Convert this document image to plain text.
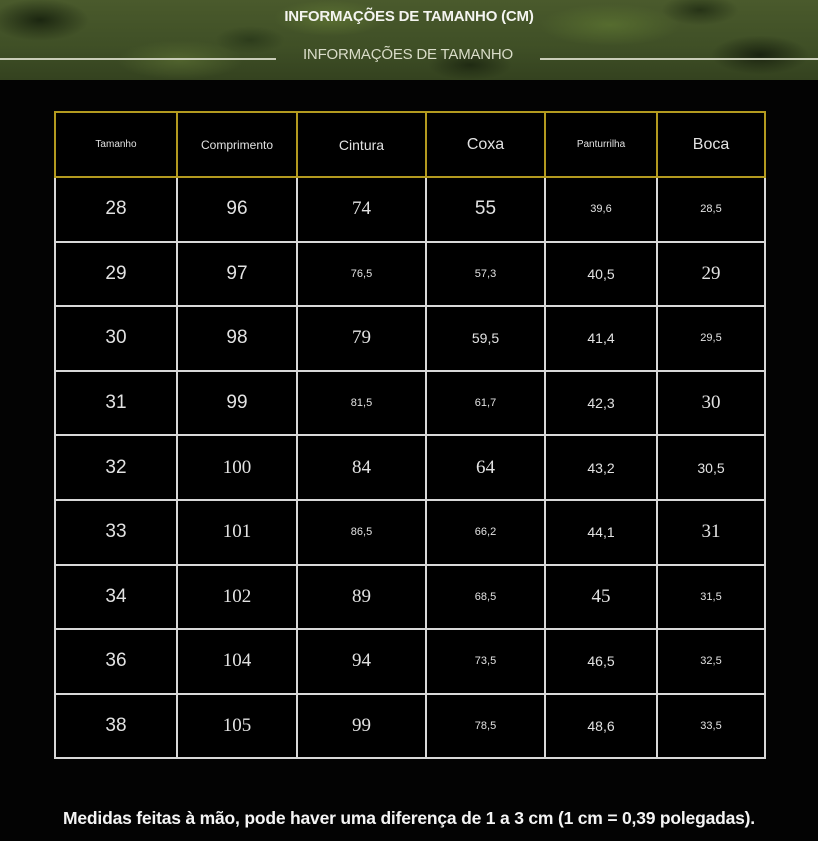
INFORMAÇÕES DE TAMANHO (CM)
INFORMAÇÕES DE TAMANHO
Tamanho	Comprimento	Cintura	Coxa	Panturrilha	Boca
28	96	74	55	39,6	28,5
29	97	76,5	57,3	40,5	29
30	98	79	59,5	41,4	29,5
31	99	81,5	61,7	42,3	30
32	100	84	64	43,2	30,5
33	101	86,5	66,2	44,1	31
34	102	89	68,5	45	31,5
36	104	94	73,5	46,5	32,5
38	105	99	78,5	48,6	33,5
Medidas feitas à mão, pode haver uma diferença de 1 a 3 cm (1 cm = 0,39 polegadas).
